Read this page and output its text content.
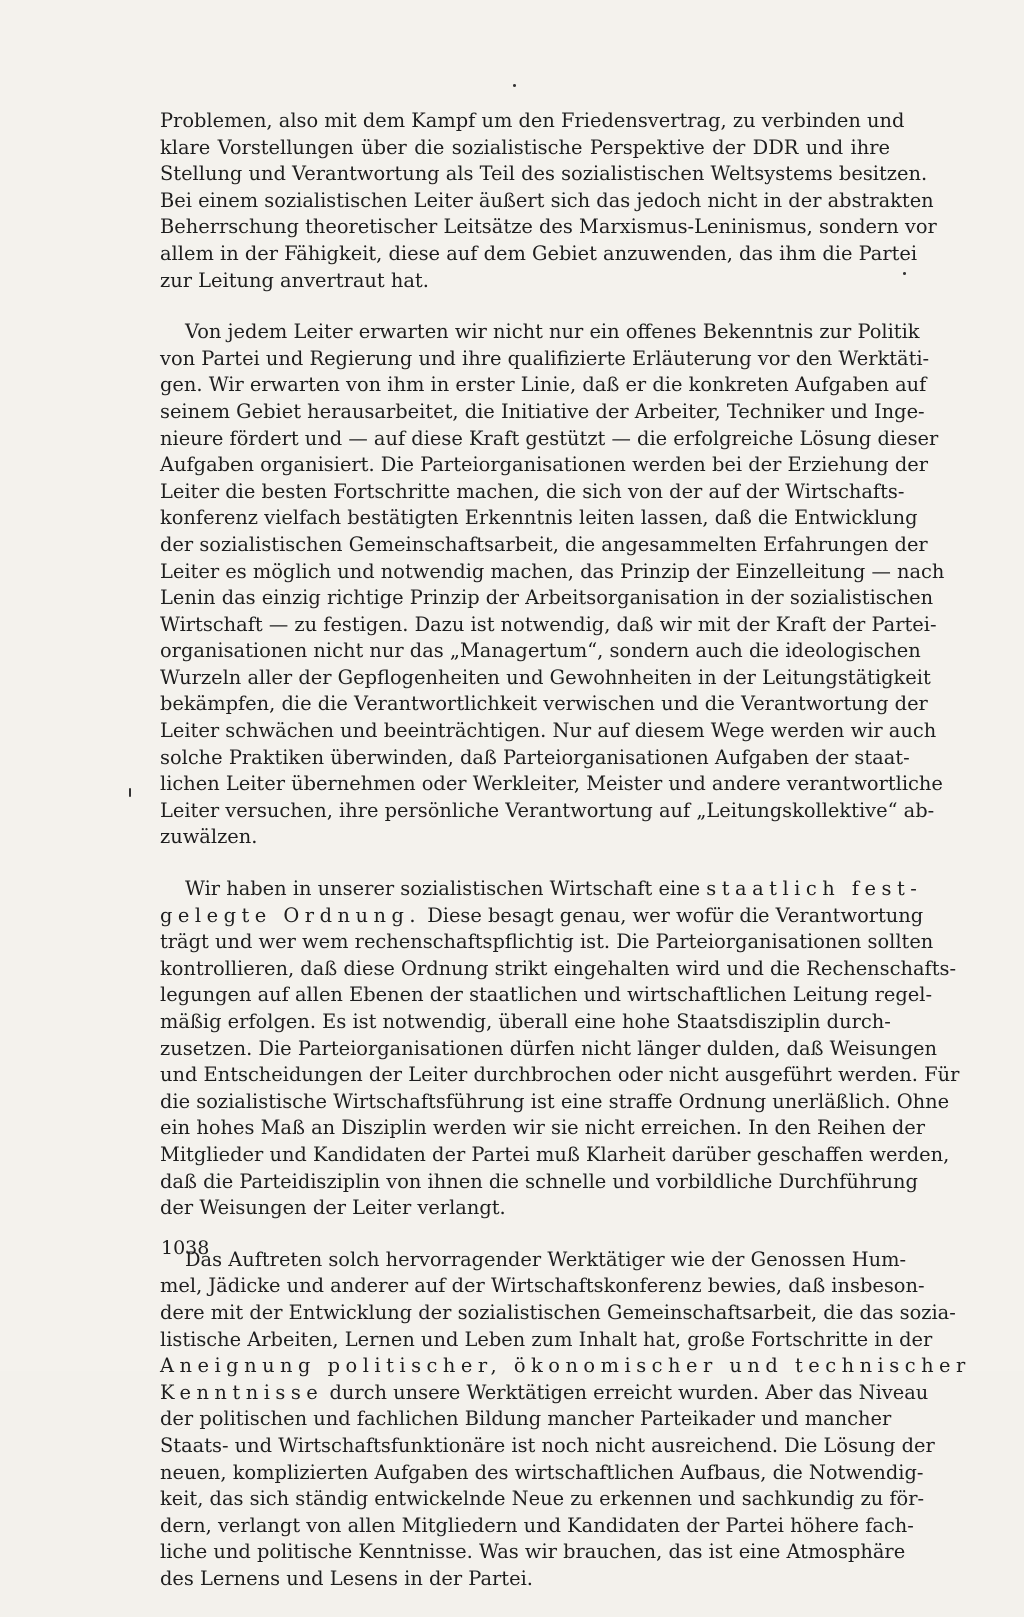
Problemen, also mit dem Kampf um den Friedensvertrag, zu verbinden und
klare Vorstellungen über die sozialistische Perspektive der DDR und ihre
Stellung und Verantwortung als Teil des sozialistischen Weltsystems besitzen.
Bei einem sozialistischen Leiter äußert sich das jedoch nicht in der abstrakten
Beherrschung theoretischer Leitsätze des Marxismus-Leninismus, sondern vor
allem in der Fähigkeit, diese auf dem Gebiet anzuwenden, das ihm die Partei
zur Leitung anvertraut hat.
Von jedem Leiter erwarten wir nicht nur ein offenes Bekenntnis zur Politik
von Partei und Regierung und ihre qualifizierte Erläuterung vor den Werktäti-
gen. Wir erwarten von ihm in erster Linie, daß er die konkreten Aufgaben auf
seinem Gebiet herausarbeitet, die Initiative der Arbeiter, Techniker und Inge-
nieure fördert und — auf diese Kraft gestützt — die erfolgreiche Lösung dieser
Aufgaben organisiert. Die Parteiorganisationen werden bei der Erziehung der
Leiter die besten Fortschritte machen, die sich von der auf der Wirtschafts-
konferenz vielfach bestätigten Erkenntnis leiten lassen, daß die Entwicklung
der sozialistischen Gemeinschaftsarbeit, die angesammelten Erfahrungen der
Leiter es möglich und notwendig machen, das Prinzip der Einzelleitung — nach
Lenin das einzig richtige Prinzip der Arbeitsorganisation in der sozialistischen
Wirtschaft — zu festigen. Dazu ist notwendig, daß wir mit der Kraft der Partei-
organisationen nicht nur das „Managertum“, sondern auch die ideologischen
Wurzeln aller der Gepflogenheiten und Gewohnheiten in der Leitungstätigkeit
bekämpfen, die die Verantwortlichkeit verwischen und die Verantwortung der
Leiter schwächen und beeinträchtigen. Nur auf diesem Wege werden wir auch
solche Praktiken überwinden, daß Parteiorganisationen Aufgaben der staat-
lichen Leiter übernehmen oder Werkleiter, Meister und andere verantwortliche
Leiter versuchen, ihre persönliche Verantwortung auf „Leitungskollektive“ ab-
zuwälzen.
Wir haben in unserer sozialistischen Wirtschaft eine staatlich fest-
gelegte Ordnung. Diese besagt genau, wer wofür die Verantwortung
trägt und wer wem rechenschaftspflichtig ist. Die Parteiorganisationen sollten
kontrollieren, daß diese Ordnung strikt eingehalten wird und die Rechenschafts-
legungen auf allen Ebenen der staatlichen und wirtschaftlichen Leitung regel-
mäßig erfolgen. Es ist notwendig, überall eine hohe Staatsdisziplin durch-
zusetzen. Die Parteiorganisationen dürfen nicht länger dulden, daß Weisungen
und Entscheidungen der Leiter durchbrochen oder nicht ausgeführt werden. Für
die sozialistische Wirtschaftsführung ist eine straffe Ordnung unerläßlich. Ohne
ein hohes Maß an Disziplin werden wir sie nicht erreichen. In den Reihen der
Mitglieder und Kandidaten der Partei muß Klarheit darüber geschaffen werden,
daß die Parteidisziplin von ihnen die schnelle und vorbildliche Durchführung
der Weisungen der Leiter verlangt.
Das Auftreten solch hervorragender Werktätiger wie der Genossen Hum-
mel, Jädicke und anderer auf der Wirtschaftskonferenz bewies, daß insbeson-
dere mit der Entwicklung der sozialistischen Gemeinschaftsarbeit, die das sozia-
listische Arbeiten, Lernen und Leben zum Inhalt hat, große Fortschritte in der
Aneignung politischer, ökonomischer und technischer
Kenntnisse durch unsere Werktätigen erreicht wurden. Aber das Niveau
der politischen und fachlichen Bildung mancher Parteikader und mancher
Staats- und Wirtschaftsfunktionäre ist noch nicht ausreichend. Die Lösung der
neuen, komplizierten Aufgaben des wirtschaftlichen Aufbaus, die Notwendig-
keit, das sich ständig entwickelnde Neue zu erkennen und sachkundig zu för-
dern, verlangt von allen Mitgliedern und Kandidaten der Partei höhere fach-
liche und politische Kenntnisse. Was wir brauchen, das ist eine Atmosphäre
des Lernens und Lesens in der Partei.
1038
